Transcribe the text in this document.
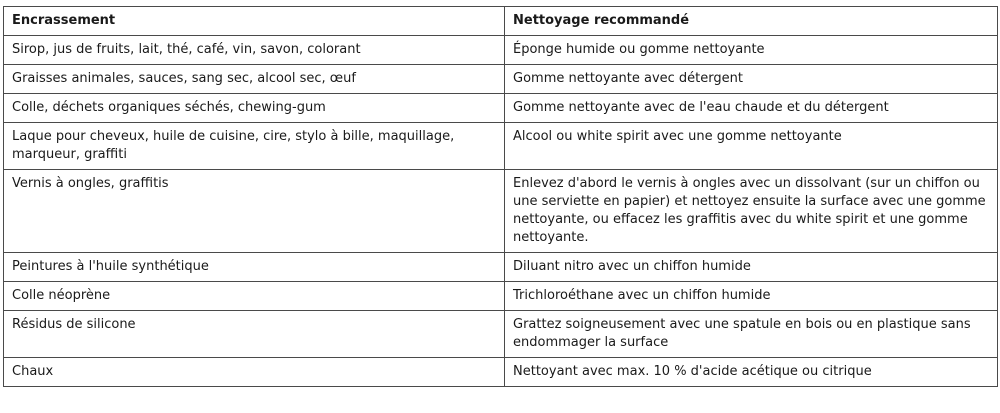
Encrassement	Nettoyage recommandé
Sirop, jus de fruits, lait, thé, café, vin, savon, colorant	Éponge humide ou gomme nettoyante
Graisses animales, sauces, sang sec, alcool sec, œuf	Gomme nettoyante avec détergent
Colle, déchets organiques séchés, chewing-gum	Gomme nettoyante avec de l'eau chaude et du détergent
Laque pour cheveux, huile de cuisine, cire, stylo à bille, maquillage, marqueur, graffiti	Alcool ou white spirit avec une gomme nettoyante
Vernis à ongles, graffitis	Enlevez d'abord le vernis à ongles avec un dissolvant (sur un chiffon ou une serviette en papier) et nettoyez ensuite la surface avec une gomme nettoyante, ou effacez les graffitis avec du white spirit et une gomme nettoyante.
Peintures à l'huile synthétique	Diluant nitro avec un chiffon humide
Colle néoprène	Trichloroéthane avec un chiffon humide
Résidus de silicone	Grattez soigneusement avec une spatule en bois ou en plastique sans endommager la surface
Chaux	Nettoyant avec max. 10 % d'acide acétique ou citrique
